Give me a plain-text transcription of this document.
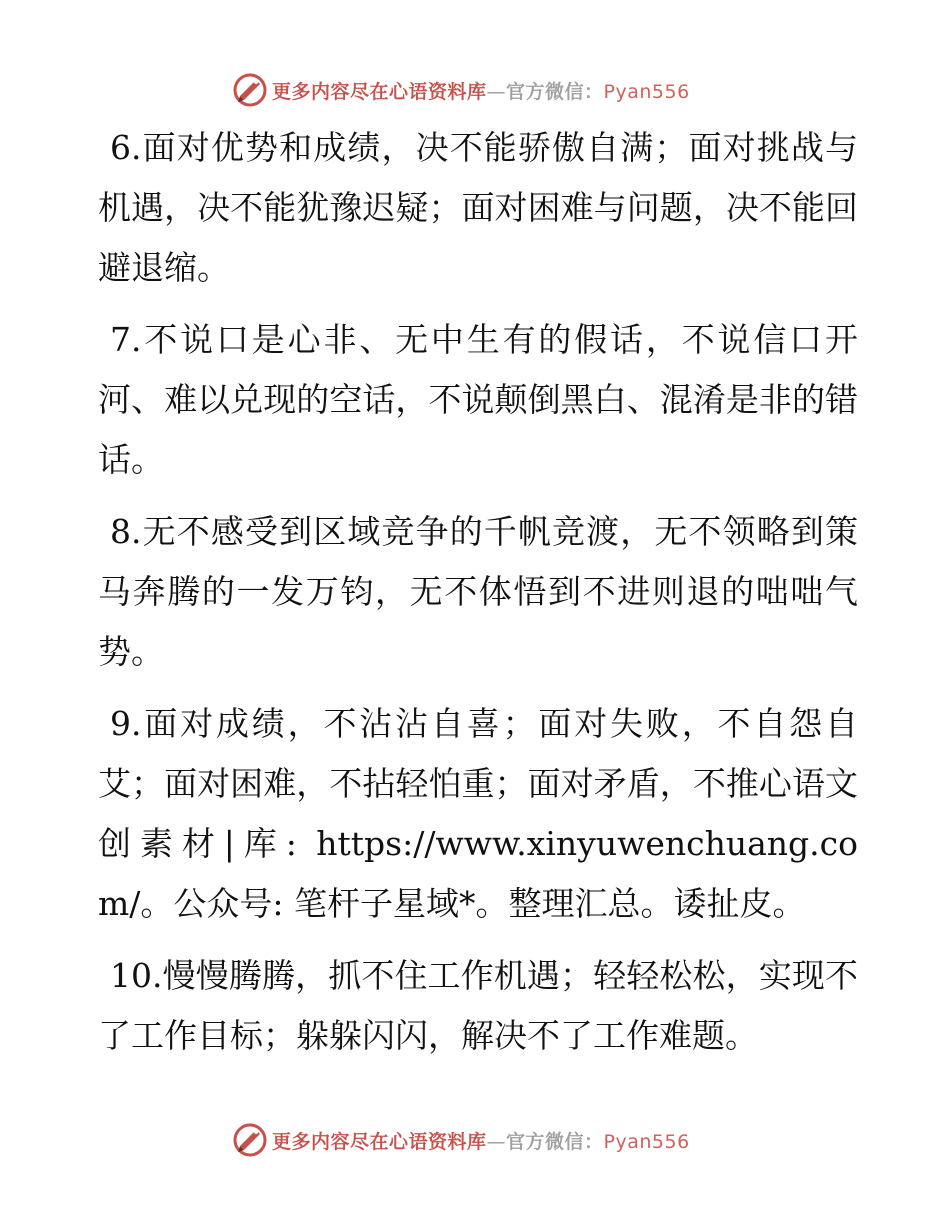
更多内容尽在心语资料库—官方微信：Pyan556

6.面对优势和成绩，决不能骄傲自满；面对挑战与机遇，决不能犹豫迟疑；面对困难与问题，决不能回避退缩。

7.不说口是心非、无中生有的假话，不说信口开河、难以兑现的空话，不说颠倒黑白、混淆是非的错话。

8.无不感受到区域竞争的千帆竞渡，无不领略到策马奔腾的一发万钧，无不体悟到不进则退的咄咄气势。

9.面对成绩，不沾沾自喜；面对失败，不自怨自艾；面对困难，不拈轻怕重；面对矛盾，不推心语文创素材|库: https://www.xinyuwenchuang.com/。公众号: 笔杆子星域*。整理汇总。诿扯皮。

10.慢慢腾腾，抓不住工作机遇；轻轻松松，实现不了工作目标；躲躲闪闪，解决不了工作难题。

更多内容尽在心语资料库—官方微信：Pyan556
